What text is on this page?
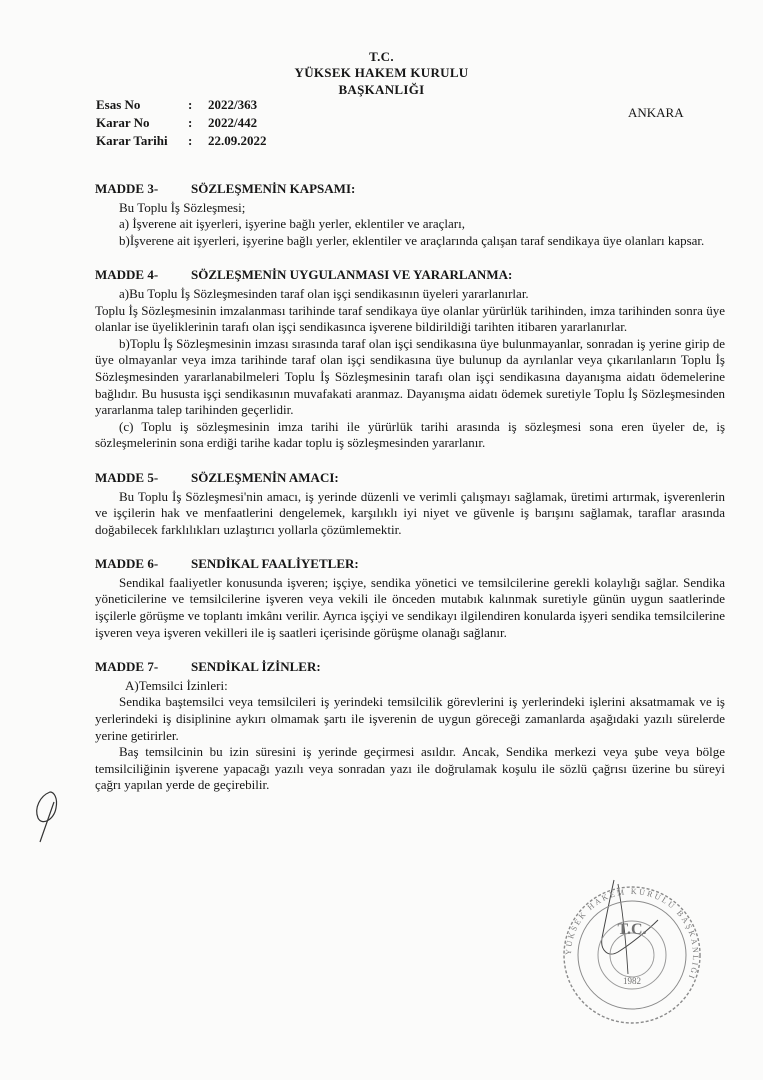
T.C.
YÜKSEK HAKEM KURULU
BAŞKANLIĞI
Esas No	:	2022/363
Karar No	:	2022/442
Karar Tarihi	:	22.09.2022
ANKARA
MADDE 3-	SÖZLEŞMENİN KAPSAMI:

Bu Toplu İş Sözleşmesi;

a) İşverene ait işyerleri, işyerine bağlı yerler, eklentiler ve araçları,

b)İşverene ait işyerleri, işyerine bağlı yerler, eklentiler ve araçlarında çalışan taraf sendikaya üye olanları kapsar.

MADDE 4-	SÖZLEŞMENİN UYGULANMASI VE YARARLANMA:

a)Bu Toplu İş Sözleşmesinden taraf olan işçi sendikasının üyeleri yararlanırlar.

Toplu İş Sözleşmesinin imzalanması tarihinde taraf sendikaya üye olanlar yürürlük tarihinden, imza tarihinden sonra üye olanlar ise üyeliklerinin tarafı olan işçi sendikasınca işverene bildirildiği tarihten itibaren yararlanırlar.

b)Toplu İş Sözleşmesinin imzası sırasında taraf olan işçi sendikasına üye bulunmayanlar, sonradan iş yerine girip de üye olmayanlar veya imza tarihinde taraf olan işçi sendikasına üye bulunup da ayrılanlar veya çıkarılanların Toplu İş Sözleşmesinden yararlanabilmeleri Toplu İş Sözleşmesinin tarafı olan işçi sendikasına dayanışma aidatı ödemelerine bağlıdır. Bu hususta işçi sendikasının muvafakati aranmaz. Dayanışma aidatı ödemek suretiyle Toplu İş Sözleşmesinden yararlanma talep tarihinden geçerlidir.

(c) Toplu iş sözleşmesinin imza tarihi ile yürürlük tarihi arasında iş sözleşmesi sona eren üyeler de, iş sözleşmelerinin sona erdiği tarihe kadar toplu iş sözleşmesinden yararlanır.

MADDE 5-	SÖZLEŞMENİN AMACI:

Bu Toplu İş Sözleşmesi'nin amacı, iş yerinde düzenli ve verimli çalışmayı sağlamak, üretimi artırmak, işverenlerin ve işçilerin hak ve menfaatlerini dengelemek, karşılıklı iyi niyet ve güvenle iş barışını sağlamak, taraflar arasında doğabilecek farklılıkları uzlaştırıcı yollarla çözümlemektir.

MADDE 6-	SENDİKAL FAALİYETLER:

Sendikal faaliyetler konusunda işveren; işçiye, sendika yönetici ve temsilcilerine gerekli kolaylığı sağlar. Sendika yöneticilerine ve temsilcilerine işveren veya vekili ile önceden mutabık kalınmak suretiyle günün uygun saatlerinde işçilerle görüşme ve toplantı imkânı verilir. Ayrıca işçiyi ve sendikayı ilgilendiren konularda işyeri sendika temsilcilerine işveren veya işveren vekilleri ile iş saatleri içerisinde görüşme olanağı sağlanır.

MADDE 7-	SENDİKAL İZİNLER:

A)Temsilci İzinleri:

Sendika baştemsilci veya temsilcileri iş yerindeki temsilcilik görevlerini iş yerlerindeki işlerini aksatmamak ve iş yerlerindeki iş disiplinine aykırı olmamak şartı ile işverenin de uygun göreceği zamanlarda aşağıdaki yazılı sürelerde yerine getirirler.

Baş temsilcinin bu izin süresini iş yerinde geçirmesi asıldır. Ancak, Sendika merkezi veya şube veya bölge temsilciliğinin işverene yapacağı yazılı veya sonradan yazı ile doğrulamak koşulu ile sözlü çağrısı üzerine bu süreyi çağrı yapılan yerde de geçirebilir.

T.C.
1982
YÜKSEK HAKEM KURULU BAŞKANLIĞI
